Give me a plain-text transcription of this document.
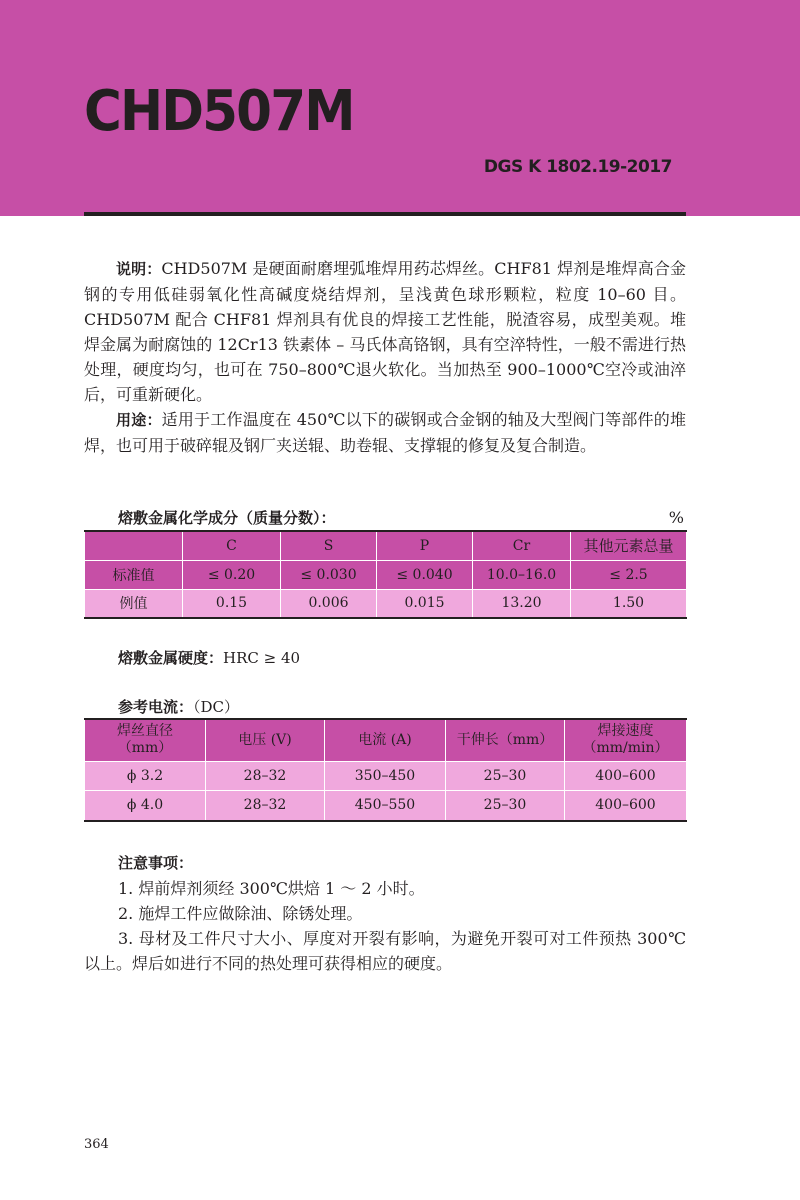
CHD507M
DGS K 1802.19-2017

说明：CHD507M 是硬面耐磨埋弧堆焊用药芯焊丝。CHF81 焊剂是堆焊高合金钢的专用低硅弱氧化性高碱度烧结焊剂，呈浅黄色球形颗粒，粒度 10–60 目。CHD507M 配合 CHF81 焊剂具有优良的焊接工艺性能，脱渣容易，成型美观。堆焊金属为耐腐蚀的 12Cr13 铁素体 – 马氏体高铬钢，具有空淬特性，一般不需进行热处理，硬度均匀，也可在 750–800℃退火软化。当加热至 900–1000℃空冷或油淬后，可重新硬化。

用途：适用于工作温度在 450℃以下的碳钢或合金钢的轴及大型阀门等部件的堆焊，也可用于破碎辊及钢厂夹送辊、助卷辊、支撑辊的修复及复合制造。

熔敷金属化学成分（质量分数）：	%
	C	S	P	Cr	其他元素总量
标准值	≤ 0.20	≤ 0.030	≤ 0.040	10.0–16.0	≤ 2.5
例值	0.15	0.006	0.015	13.20	1.50
熔敷金属硬度：HRC ≥ 40
参考电流：（DC）
焊丝直径
（mm）	电压 (V)	电流 (A)	干伸长（mm）	焊接速度
（mm/min）
ϕ 3.2	28–32	350–450	25–30	400–600
ϕ 4.0	28–32	450–550	25–30	400–600
注意事项：

1. 焊前焊剂须经 300℃烘焙 1 ～ 2 小时。

2. 施焊工件应做除油、除锈处理。

3. 母材及工件尺寸大小、厚度对开裂有影响，为避免开裂可对工件预热 300℃以上。焊后如进行不同的热处理可获得相应的硬度。

364
